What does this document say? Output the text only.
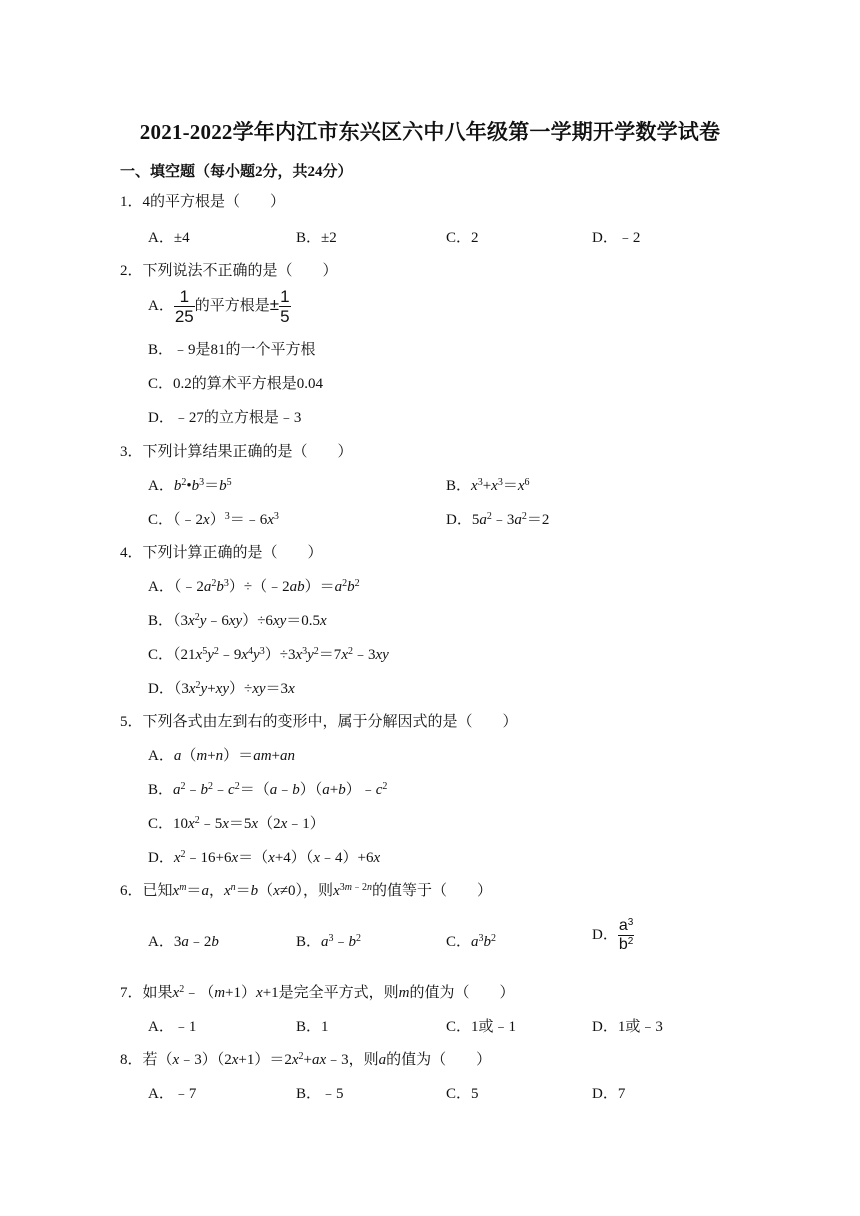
2021-2022学年内江市东兴区六中八年级第一学期开学数学试卷
一、填空题（每小题2分，共24分）
1．4的平方根是（　　）
A．±4	B．±2	C．2	D．﹣2
2．下列说法不正确的是（　　）
A． $\frac{1}{25}$ 的平方根是± $\frac{1}{5}$
B．﹣9是81的一个平方根
C．0.2的算术平方根是0.04
D．﹣27的立方根是﹣3
3．下列计算结果正确的是（　　）
A．$b^2•b^3=b^5$	B．$x^3+x^3=x^6$
C．$(﹣2x)^3=﹣6x^3$	D．$5a^2﹣3a^2=2$
4．下列计算正确的是（　　）
A．$(﹣2a^2b^3)\div(﹣2ab)=a^2b^2$
B．$(3x^2y﹣6xy)\div 6xy=0.5x$
C．$(21x^5y^2﹣9x^4y^3)\div 3x^3y^2=7x^2﹣3xy$
D．$(3x^2y+xy)\div xy=3x$
5．下列各式由左到右的变形中，属于分解因式的是（　　）
A．a（m+n）＝am+an
B．$a^2﹣b^2﹣c^2=(a﹣b)(a+b)﹣c^2$
C．$10x^2﹣5x=5x(2x﹣1)$
D．$x^2﹣16+6x=(x+4)(x﹣4)+6x$
6．已知$x^m=a$，$x^n=b(x\ne 0)$，则$x^{3m﹣2n}$的值等于（　　）
A．3a﹣2b	B．$a^3﹣b^2$	C．$a^3b^2$	D． $\frac{a^3}{b^2}$
7．如果$x^2﹣(m+1)x+1$是完全平方式，则m的值为（　　）
A．﹣1	B．1	C．1或﹣1	D．1或﹣3
8．若$(x﹣3)(2x+1)=2x^2+ax﹣3$，则a的值为（　　）
A．﹣7	B．﹣5	C．5	D．7
